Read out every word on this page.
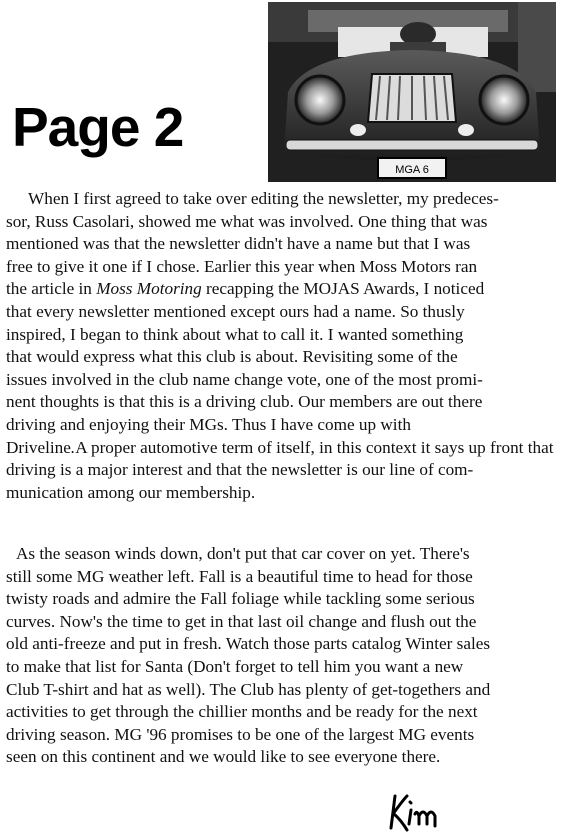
Page 2
MGA 6
When I first agreed to take over editing the newsletter, my predeces-
sor, Russ Casolari, showed me what was involved. One thing that was
mentioned was that the newsletter didn't have a name but that I was
free to give it one if I chose. Earlier this year when Moss Motors ran
the article in Moss Motoring recapping the MOJAS Awards, I noticed
that every newsletter mentioned except ours had a name. So thusly
inspired, I began to think about what to call it. I wanted something
that would express what this club is about. Revisiting some of the
issues involved in the club name change vote, one of the most promi-
nent thoughts is that this is a driving club. Our members are out there
driving and enjoying their MGs. Thus I have come up with
Driveline.A proper automotive term of itself, in this context it says up front that
driving is a major interest and that the newsletter is our line of com-
munication among our membership.

As the season winds down, don't put that car cover on yet. There's
still some MG weather left. Fall is a beautiful time to head for those
twisty roads and admire the Fall foliage while tackling some serious
curves. Now's the time to get in that last oil change and flush out the
old anti-freeze and put in fresh. Watch those parts catalog Winter sales
to make that list for Santa (Don't forget to tell him you want a new
Club T-shirt and hat as well). The Club has plenty of get-togethers and
activities to get through the chillier months and be ready for the next
driving season. MG '96 promises to be one of the largest MG events
seen on this continent and we would like to see everyone there.
